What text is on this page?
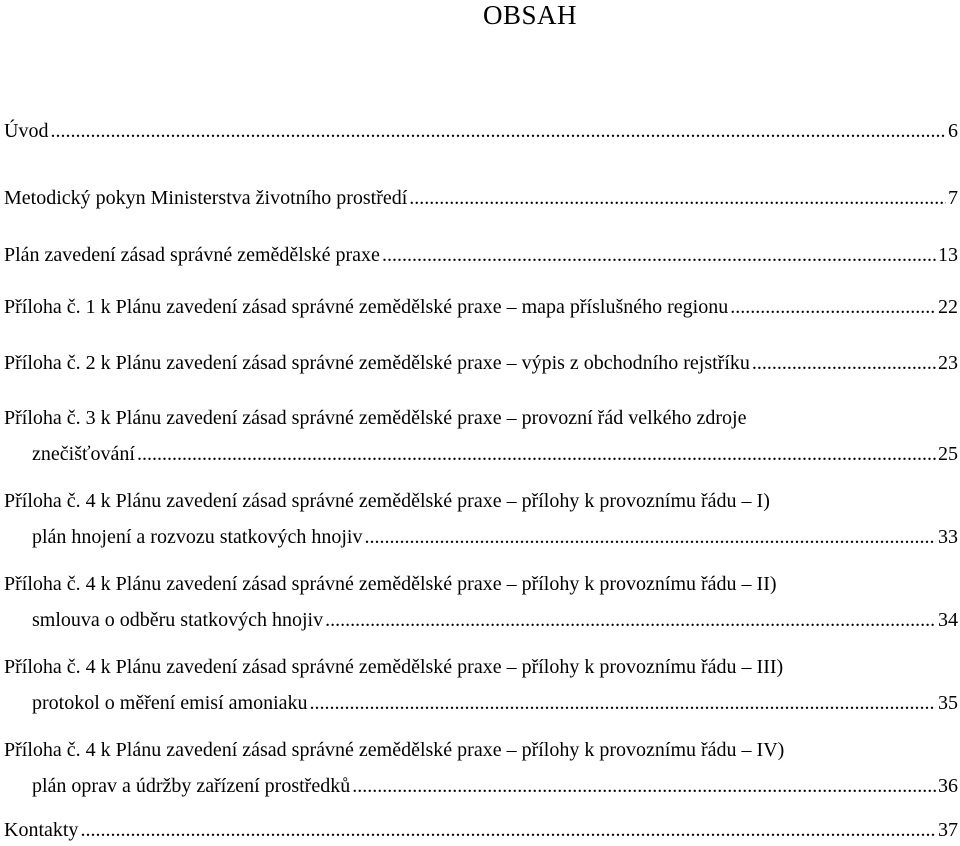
OBSAH
Úvod .....	6
Metodický pokyn Ministerstva životního prostředí .....	7
Plán zavedení zásad správné zemědělské praxe .....	13
Příloha č. 1 k Plánu zavedení zásad správné zemědělské praxe – mapa příslušného regionu .....	22
Příloha č. 2 k Plánu zavedení zásad správné zemědělské praxe – výpis z obchodního rejstříku .....	23
Příloha č. 3 k Plánu zavedení zásad správné zemědělské praxe – provozní řád velkého zdroje
znečišťování .....	25
Příloha č. 4 k Plánu zavedení zásad správné zemědělské praxe – přílohy k provoznímu řádu – I)
plán hnojení a rozvozu statkových hnojiv .....	33
Příloha č. 4 k Plánu zavedení zásad správné zemědělské praxe – přílohy k provoznímu řádu – II)
smlouva o odběru statkových hnojiv .....	34
Příloha č. 4 k Plánu zavedení zásad správné zemědělské praxe – přílohy k provoznímu řádu – III)
protokol o měření emisí amoniaku .....	35
Příloha č. 4 k Plánu zavedení zásad správné zemědělské praxe – přílohy k provoznímu řádu – IV)
plán oprav a údržby zařízení prostředků .....	36
Kontakty .....	37
